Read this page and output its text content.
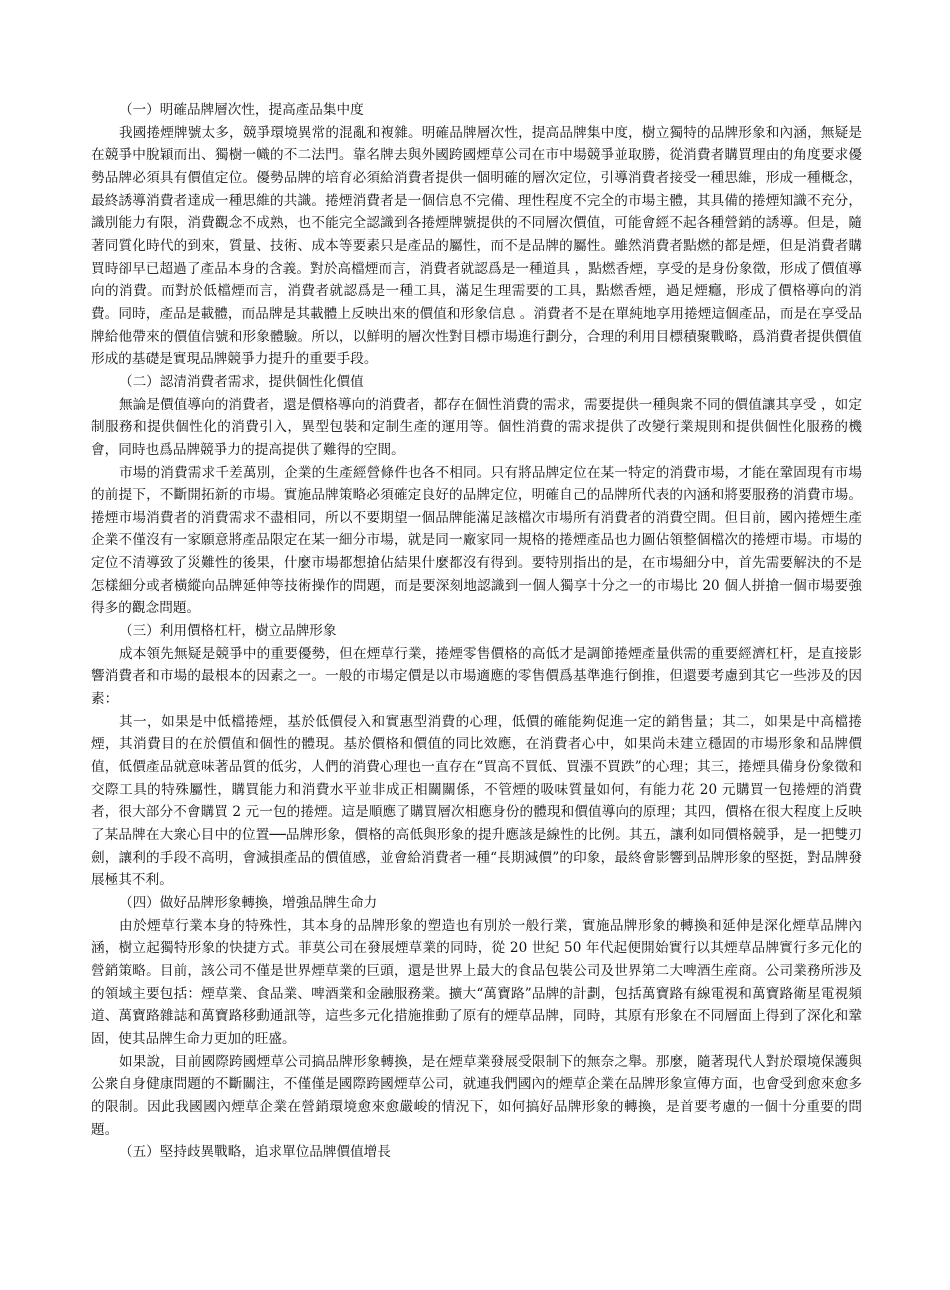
（一）明確品牌層次性，提高產品集中度

我國捲煙牌號太多，競爭環境異常的混亂和複雜。明確品牌層次性，提高品牌集中度，樹立獨特的品牌形象和內涵，無疑是在競爭中脫穎而出、獨樹一幟的不二法門。靠名牌去與外國跨國煙草公司在市中場競爭並取勝，從消費者購買理由的角度要求優勢品牌必須具有價值定位。優勢品牌的培育必須給消費者提供一個明確的層次定位，引導消費者接受一種思維，形成一種概念，最終誘導消費者達成一種思維的共識。捲煙消費者是一個信息不完備、理性程度不完全的市場主體，其具備的捲煙知識不充分，識別能力有限，消費觀念不成熟，也不能完全認識到各捲煙牌號提供的不同層次價值，可能會經不起各種營銷的誘導。但是，隨著同質化時代的到來，質量、技術、成本等要素只是產品的屬性，而不是品牌的屬性。雖然消費者點燃的都是煙，但是消費者購買時卻早已超過了產品本身的含義。對於高檔煙而言，消費者就認爲是一種道具 ，點燃香煙，享受的是身份象徵，形成了價值導向的消費。而對於低檔煙而言，消費者就認爲是一種工具，滿足生理需要的工具，點燃香煙，過足煙癮，形成了價格導向的消費。同時，產品是載體，而品牌是其載體上反映出來的價值和形象信息 。消費者不是在單純地享用捲煙這個產品，而是在享受品牌給他帶來的價值信號和形象體驗。所以，以鮮明的層次性對目標市場進行劃分，合理的利用目標積聚戰略，爲消費者提供價值形成的基礎是實現品牌競爭力提升的重要手段。

（二）認清消費者需求，提供個性化價值

無論是價值導向的消費者，還是價格導向的消費者，都存在個性消費的需求，需要提供一種與衆不同的價值讓其享受 ，如定制服務和提供個性化的消費引入，異型包裝和定制生產的運用等。個性消費的需求提供了改變行業規則和提供個性化服務的機會，同時也爲品牌競爭力的提高提供了難得的空間。

市場的消費需求千差萬別，企業的生產經營條件也各不相同。只有將品牌定位在某一特定的消費市場，才能在鞏固現有市場的前提下，不斷開拓新的市場。實施品牌策略必須確定良好的品牌定位，明確自己的品牌所代表的內涵和將要服務的消費市場。捲煙市場消費者的消費需求不盡相同，所以不要期望一個品牌能滿足該檔次市場所有消費者的消費空間。但目前，國內捲煙生產企業不僅沒有一家願意將產品限定在某一細分市場，就是同一廠家同一規格的捲煙產品也力圖佔領整個檔次的捲煙市場。市場的定位不清導致了災難性的後果，什麼市場都想搶佔結果什麼都沒有得到。要特別指出的是，在市場細分中，首先需要解決的不是怎樣細分或者橫縱向品牌延伸等技術操作的問題，而是要深刻地認識到一個人獨享十分之一的市場比 20 個人拼搶一個市場要強得多的觀念問題。

（三）利用價格杠杆，樹立品牌形象

成本領先無疑是競爭中的重要優勢，但在煙草行業，捲煙零售價格的高低才是調節捲煙產量供需的重要經濟杠杆，是直接影響消費者和市場的最根本的因素之一。一般的市場定價是以市場適應的零售價爲基準進行倒推，但還要考慮到其它一些涉及的因素：

其一，如果是中低檔捲煙，基於低價侵入和實惠型消費的心理，低價的確能夠促進一定的銷售量；其二，如果是中高檔捲煙，其消費目的在於價值和個性的體現。基於價格和價值的同比效應，在消費者心中，如果尚未建立穩固的市場形象和品牌價值，低價產品就意味著品質的低劣，人們的消費心理也一直存在“買高不買低、買漲不買跌”的心理；其三，捲煙具備身份象徵和交際工具的特殊屬性，購買能力和消費水平並非成正相關關係，不管煙的吸味質量如何，有能力花 20 元購買一包捲煙的消費者，很大部分不會購買 2 元一包的捲煙。這是順應了購買層次相應身份的體現和價值導向的原理；其四，價格在很大程度上反映了某品牌在大衆心目中的位置──品牌形象，價格的高低與形象的提升應該是線性的比例。其五，讓利如同價格競爭，是一把雙刃劍，讓利的手段不高明，會減損產品的價值感，並會給消費者一種“長期減價”的印象，最終會影響到品牌形象的堅挺，對品牌發展極其不利。

（四）做好品牌形象轉換，增強品牌生命力

由於煙草行業本身的特殊性，其本身的品牌形象的塑造也有別於一般行業，實施品牌形象的轉換和延伸是深化煙草品牌內涵，樹立起獨特形象的快捷方式。菲莫公司在發展煙草業的同時，從 20 世紀 50 年代起便開始實行以其煙草品牌實行多元化的營銷策略。目前，該公司不僅是世界煙草業的巨頭，還是世界上最大的食品包裝公司及世界第二大啤酒生産商。公司業務所涉及的領域主要包括：煙草業、食品業、啤酒業和金融服務業。擴大“萬寶路”品牌的計劃，包括萬寶路有線電視和萬寶路衛星電視頻道、萬寶路雜誌和萬寶路移動通訊等，這些多元化措施推動了原有的煙草品牌，同時，其原有形象在不同層面上得到了深化和鞏固，使其品牌生命力更加的旺盛。

如果說，目前國際跨國煙草公司搞品牌形象轉換，是在煙草業發展受限制下的無奈之舉。那麼，隨著現代人對於環境保護與公衆自身健康問題的不斷關注，不僅僅是國際跨國煙草公司，就連我們國內的煙草企業在品牌形象宣傳方面，也會受到愈來愈多的限制。因此我國國內煙草企業在營銷環境愈來愈嚴峻的情況下，如何搞好品牌形象的轉換，是首要考慮的一個十分重要的問題。

（五）堅持歧異戰略，追求單位品牌價值增長
